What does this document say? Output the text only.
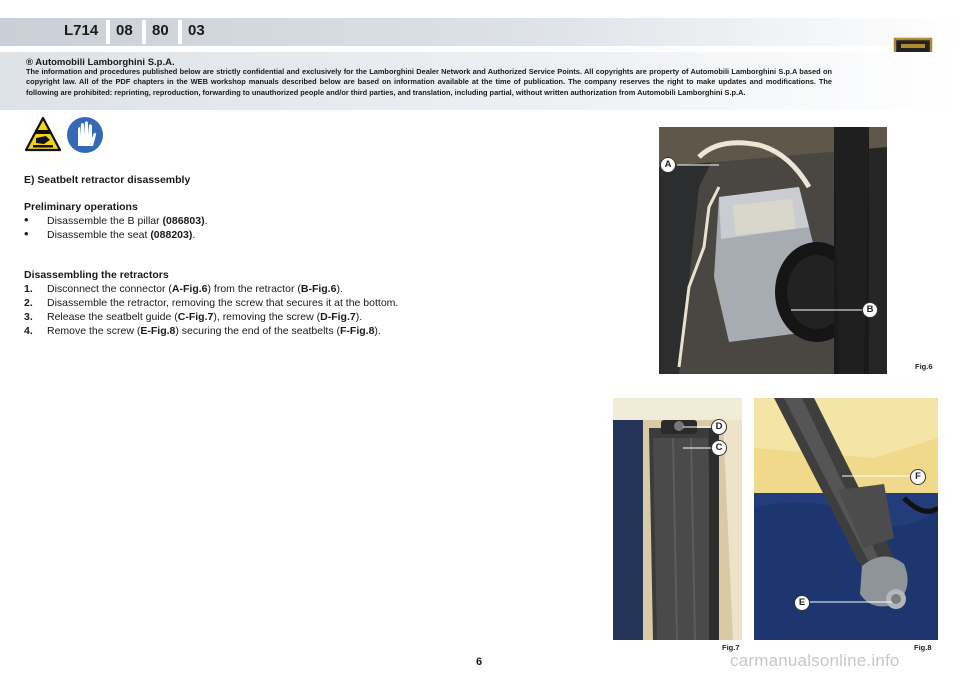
L714 08 80 03
® Automobili Lamborghini S.p.A.
The information and procedures published below are strictly confidential and exclusively for the Lamborghini Dealer Network and Authorized Service Points. All copyrights are property of Automobili Lamborghini S.p.A based on copyright law. All of the PDF chapters in the WEB workshop manuals described below are based on information available at the time of publication. The company reserves the right to make updates and modifications. The following are prohibited: reprinting, reproduction, forwarding to unauthorized people and/or third parties, and translation, including partial, without written authorization from Automobili Lamborghini S.p.A.
E) Seatbelt retractor disassembly
Preliminary operations
• Disassemble the B pillar (086803).
• Disassemble the seat (088203).
Disassembling the retractors
1. Disconnect the connector (A-Fig.6) from the retractor (B-Fig.6).
2. Disassemble the retractor, removing the screw that secures it at the bottom.
3. Release the seatbelt guide (C-Fig.7), removing the screw (D-Fig.7).
4. Remove the screw (E-Fig.8) securing the end of the seatbelts (F-Fig.8).
A
B
Fig.6
D
C
Fig.7
F
E
Fig.8
6	carmanualsonline.info
